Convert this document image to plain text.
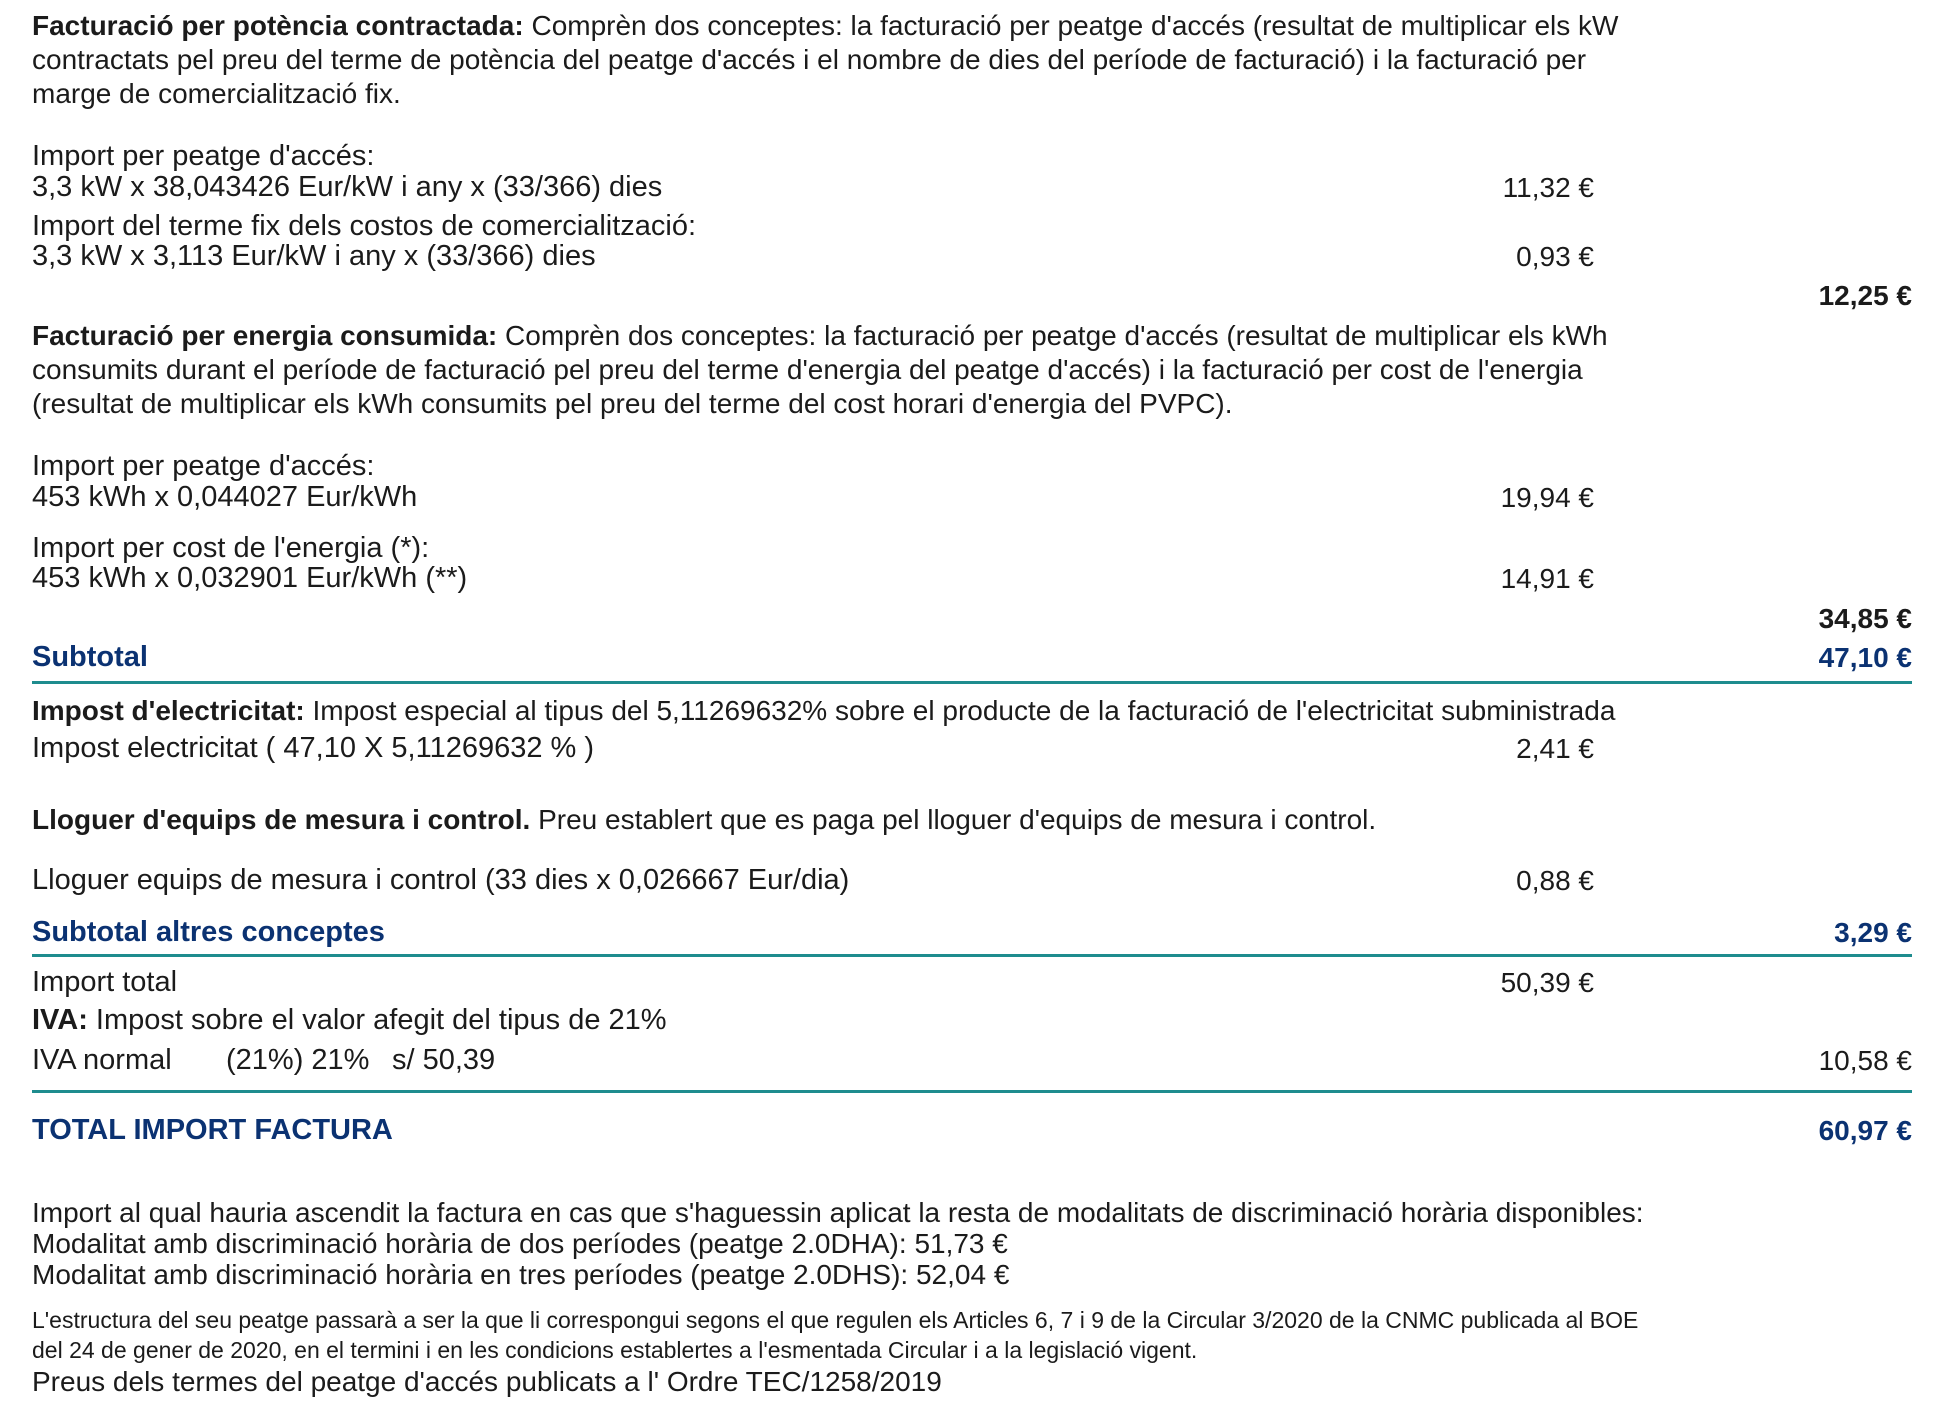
Facturació per potència contractada: Comprèn dos conceptes: la facturació per peatge d'accés (resultat de multiplicar els kW
contractats pel preu del terme de potència del peatge d'accés i el nombre de dies del període de facturació) i la facturació per
marge de comercialització fix.
Import per peatge d'accés:
3,3 kW x 38,043426 Eur/kW i any x (33/366) dies	11,32 €
Import del terme fix dels costos de comercialització:
3,3 kW x 3,113 Eur/kW i any x (33/366) dies	0,93 €
12,25 €
Facturació per energia consumida: Comprèn dos conceptes: la facturació per peatge d'accés (resultat de multiplicar els kWh
consumits durant el període de facturació pel preu del terme d'energia del peatge d'accés) i la facturació per cost de l'energia
(resultat de multiplicar els kWh consumits pel preu del terme del cost horari d'energia del PVPC).
Import per peatge d'accés:
453 kWh x 0,044027 Eur/kWh	19,94 €
Import per cost de l'energia (*):
453 kWh x 0,032901 Eur/kWh (**)	14,91 €
34,85 €
Subtotal	47,10 €
Impost d'electricitat: Impost especial al tipus del 5,11269632% sobre el producte de la facturació de l'electricitat subministrada
Impost electricitat ( 47,10 X 5,11269632 % )	2,41 €
Lloguer d'equips de mesura i control. Preu establert que es paga pel lloguer d'equips de mesura i control.
Lloguer equips de mesura i control (33 dies x 0,026667 Eur/dia)	0,88 €
Subtotal altres conceptes	3,29 €
Import total	50,39 €
IVA: Impost sobre el valor afegit del tipus de 21%
IVA normal (21%) 21% s/ 50,39	10,58 €
TOTAL IMPORT FACTURA	60,97 €
Import al qual hauria ascendit la factura en cas que s'haguessin aplicat la resta de modalitats de discriminació horària disponibles:
Modalitat amb discriminació horària de dos períodes (peatge 2.0DHA): 51,73 €
Modalitat amb discriminació horària en tres períodes (peatge 2.0DHS): 52,04 €
L'estructura del seu peatge passarà a ser la que li correspongui segons el que regulen els Articles 6, 7 i 9 de la Circular 3/2020 de la CNMC publicada al BOE
del 24 de gener de 2020, en el termini i en les condicions establertes a l'esmentada Circular i a la legislació vigent.
Preus dels termes del peatge d'accés publicats a l' Ordre TEC/1258/2019
